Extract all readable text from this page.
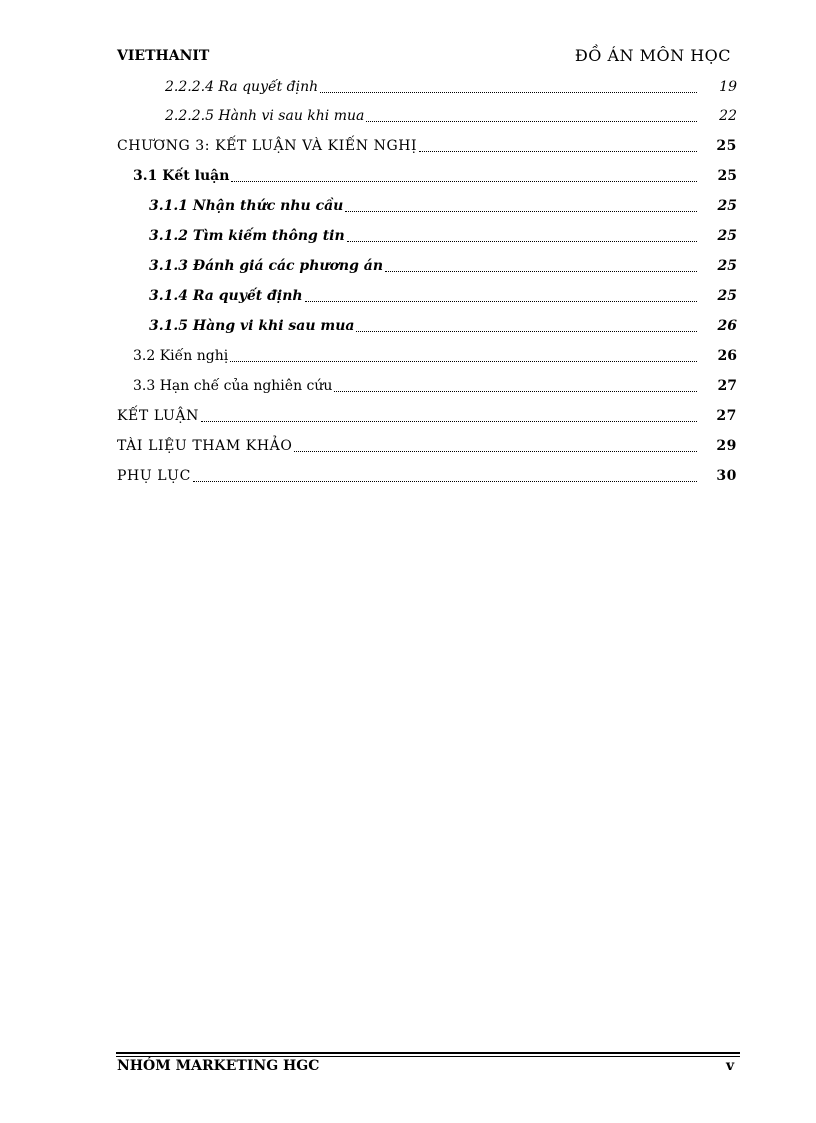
VIETHANIT	ĐỒ ÁN MÔN HỌC
2.2.2.4 Ra quyết định	19
2.2.2.5 Hành vi sau khi mua	22
CHƯƠNG 3: KẾT LUẬN VÀ KIẾN NGHỊ	25
3.1 Kết luận	25
3.1.1 Nhận thức nhu cầu	25
3.1.2 Tìm kiếm thông tin	25
3.1.3 Đánh giá các phương án	25
3.1.4 Ra quyết định	25
3.1.5 Hàng vi khi sau mua	26
3.2 Kiến nghị	26
3.3 Hạn chế của nghiên cứu	27
KẾT LUẬN	27
TÀI LIỆU THAM KHẢO	29
PHỤ LỤC	30
NHÓM MARKETING HGC	v
